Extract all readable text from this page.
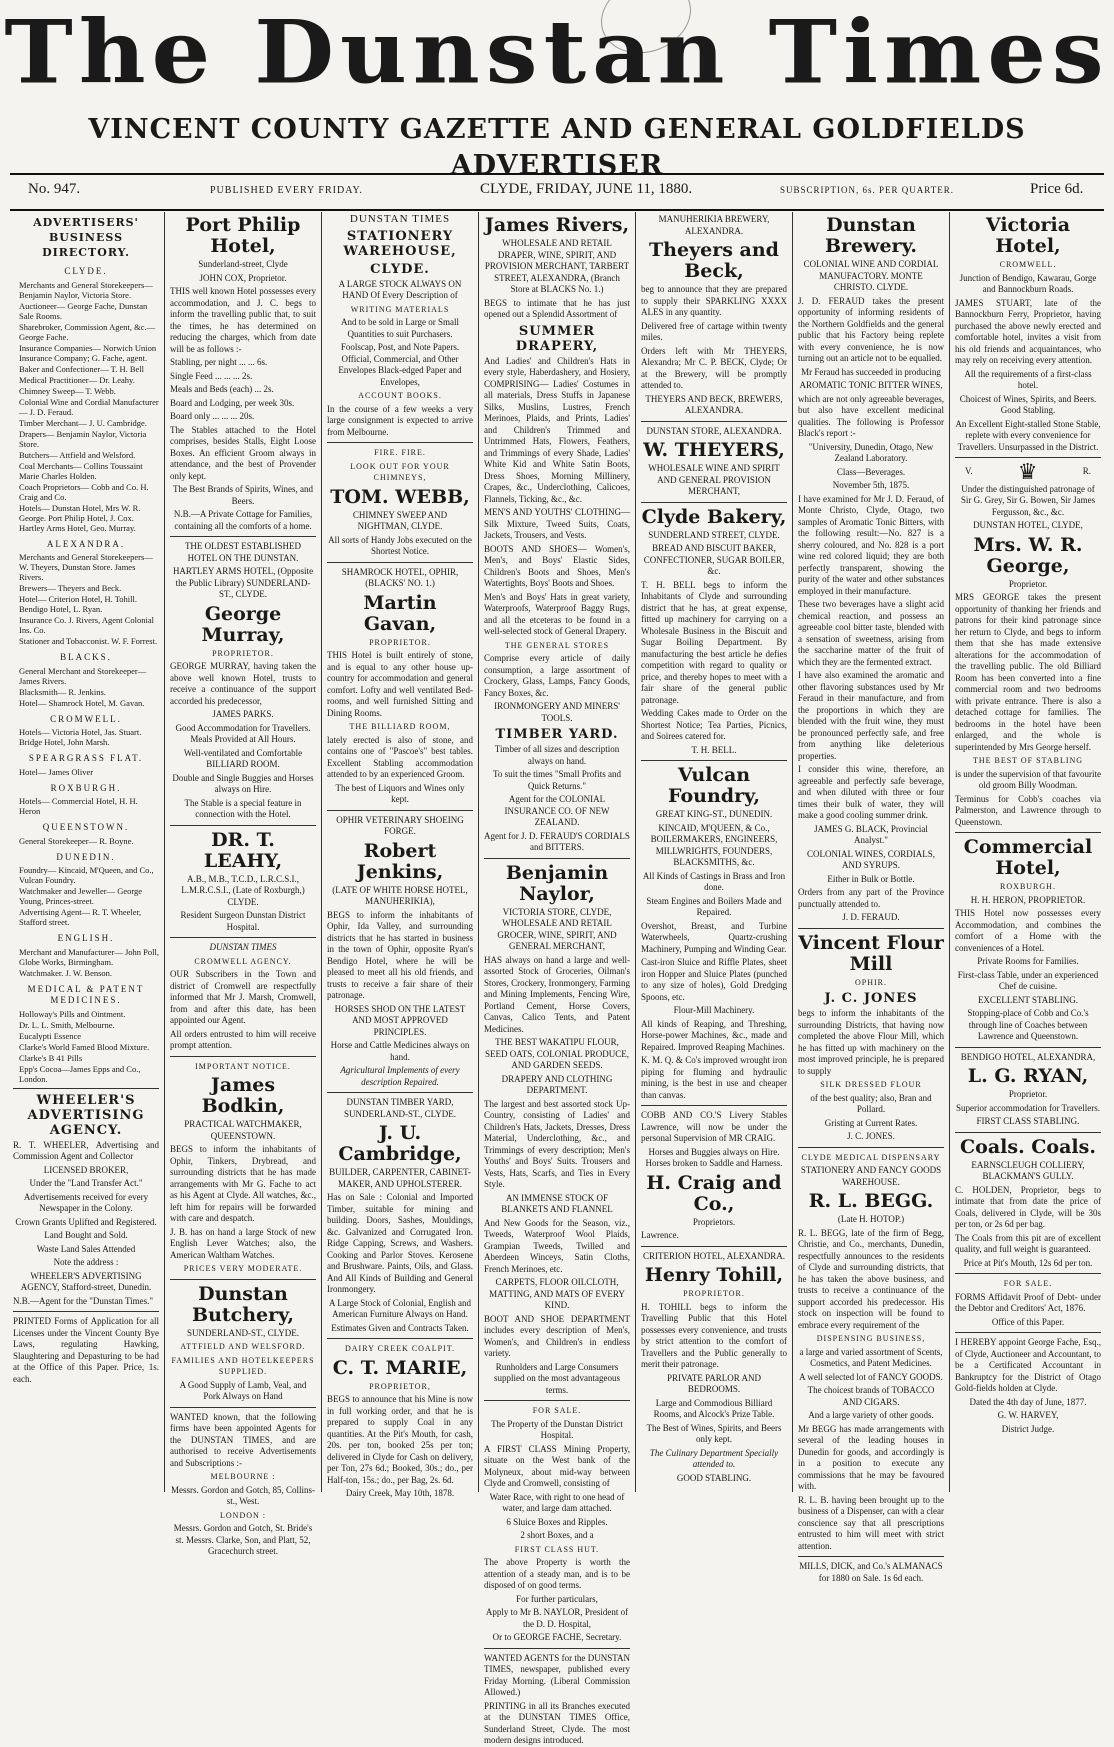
The Dunstan Times
VINCENT COUNTY GAZETTE AND GENERAL GOLDFIELDS ADVERTISER
No. 947.	PUBLISHED EVERY FRIDAY.	CLYDE, FRIDAY, JUNE 11, 1880.	SUBSCRIPTION, 6s. PER QUARTER.	Price 6d.
ADVERTISERS' BUSINESS DIRECTORY.
CLYDE.
Merchants and General Storekeepers— Benjamin Naylor, Victoria Store.
Auctioneer— George Fache, Dunstan Sale Rooms.
Sharebroker, Commission Agent, &c.— George Fache.
Insurance Companies— Norwich Union Insurance Company; G. Fache, agent.
Baker and Confectioner— T. H. Bell
Medical Practitioner— Dr. Leahy.
Chimney Sweep— T. Webb.
Colonial Wine and Cordial Manufacturer— J. D. Feraud.
Timber Merchant— J. U. Cambridge.
Drapers— Benjamin Naylor, Victoria Store.
Butchers— Attfield and Welsford.
Coal Merchants— Collins Toussaint Marie Charles Holden.
Coach Proprietors— Cobb and Co. H. Craig and Co.
Hotels— Dunstan Hotel, Mrs W. R. George. Port Philip Hotel, J. Cox. Hartley Arms Hotel, Geo. Murray.
ALEXANDRA.
Merchants and General Storekeepers— W. Theyers, Dunstan Store. James Rivers.
Brewers— Theyers and Beck.
Hotel— Criterion Hotel, H. Tohill. Bendigo Hotel, L. Ryan.
Insurance Co. J. Rivers, Agent Colonial Ins. Co.
Stationer and Tobacconist. W. F. Forrest.
BLACKS.
General Merchant and Storekeeper— James Rivers.
Blacksmith— R. Jenkins.
Hotel— Shamrock Hotel, M. Gavan.
CROMWELL.
Hotels— Victoria Hotel, Jas. Stuart. Bridge Hotel, John Marsh.
SPEARGRASS FLAT.
Hotel— James Oliver
ROXBURGH.
Hotels— Commercial Hotel, H. H. Heron
QUEENSTOWN.
General Storekeeper— R. Boyne.
DUNEDIN.
Foundry— Kincaid, M'Queen, and Co., Vulcan Foundry.
Watchmaker and Jeweller— George Young, Princes-street.
Advertising Agent— R. T. Wheeler, Stafford street.
ENGLISH.
Merchant and Manufacturer— John Poll, Globe Works, Birmingham.
Watchmaker. J. W. Benson.
MEDICAL & PATENT MEDICINES.
Holloway's Pills and Ointment.
Dr. L. L. Smith, Melbourne.
Eucalypti Essence
Clarke's World Famed Blood Mixture.
Clarke's B 41 Pills
Epp's Cocoa—James Epps and Co., London.
WHEELER'S ADVERTISING AGENCY.

R. T. WHEELER, Advertising and Commission Agent and Collector

LICENSED BROKER,

Under the "Land Transfer Act."

Advertisements received for every Newspaper in the Colony.

Crown Grants Uplifted and Registered.

Land Bought and Sold.

Waste Land Sales Attended

Note the address :

WHEELER'S ADVERTISING AGENCY, Stafford-street, Dunedin.

N.B.—Agent for the "Dunstan Times."

PRINTED Forms of Application for all Licenses under the Vincent County Bye Laws, regulating Hawking, Slaughtering and Depasturing to be had at the Office of this Paper. Price, 1s. each.

Port Philip Hotel,

Sunderland-street, Clyde

JOHN COX, Proprietor.

THIS well known Hotel possesses every accommodation, and J. C. begs to inform the travelling public that, to suit the times, he has determined on reducing the charges, which from date will be as follows :-

Stabling, per night ... ... 6s.

Single Feed ... ... ... 2s.

Meals and Beds (each) ... 2s.

Board and Lodging, per week 30s.

Board only ... ... ... 20s.

The Stables attached to the Hotel comprises, besides Stalls, Eight Loose Boxes. An efficient Groom always in attendance, and the best of Provender only kept.

The Best Brands of Spirits, Wines, and Beers.

N.B.—A Private Cottage for Families, containing all the comforts of a home.

THE OLDEST ESTABLISHED HOTEL ON THE DUNSTAN.

HARTLEY ARMS HOTEL, (Opposite the Public Library) SUNDERLAND-ST., CLYDE.

George Murray,

PROPRIETOR.

GEORGE MURRAY, having taken the above well known Hotel, trusts to receive a continuance of the support accorded his predecessor,

JAMES PARKS.

Good Accommodation for Travellers. Meals Provided at All Hours.

Well-ventilated and Comfortable BILLIARD ROOM.

Double and Single Buggies and Horses always on Hire.

The Stable is a special feature in connection with the Hotel.

DR. T. LEAHY,

A.B., M.B., T.C.D., L.R.C.S.I., L.M.R.C.S.I., (Late of Roxburgh,) CLYDE.

Resident Surgeon Dunstan District Hospital.

DUNSTAN TIMES

CROMWELL AGENCY.

OUR Subscribers in the Town and district of Cromwell are respectfully informed that Mr J. Marsh, Cromwell, from and after this date, has been appointed our Agent.

All orders entrusted to him will receive prompt attention.

IMPORTANT NOTICE.

James Bodkin,

PRACTICAL WATCHMAKER, QUEENSTOWN.

BEGS to inform the inhabitants of Ophir, Tinkers, Drybread, and surrounding districts that he has made arrangements with Mr G. Fache to act as his Agent at Clyde. All watches, &c., left him for repairs will be forwarded with care and despatch.

J. B. has on hand a large Stock of new English Lever Watches; also, the American Waltham Watches.

PRICES VERY MODERATE.

Dunstan Butchery,

SUNDERLAND-ST., CLYDE.

ATTFIELD AND WELSFORD.

FAMILIES AND HOTELKEEPERS SUPPLIED.

A Good Supply of Lamb, Veal, and Pork Always on Hand

WANTED known, that the following firms have been appointed Agents for the DUNSTAN TIMES, and are authorised to receive Advertisements and Subscriptions :-

MELBOURNE :

Messrs. Gordon and Gotch, 85, Collins-st., West.

LONDON :

Messrs. Gordon and Gotch, St. Bride's st. Messrs. Clarke, Son, and Platt, 52, Gracechurch street.

DUNSTAN TIMES

STATIONERY WAREHOUSE,
CLYDE.

A LARGE STOCK ALWAYS ON HAND Of Every Description of

WRITING MATERIALS

And to be sold in Large or Small Quantities to suit Purchasers.

Foolscap, Post, and Note Papers. Official, Commercial, and Other Envelopes Black-edged Paper and Envelopes,

ACCOUNT BOOKS.

In the course of a few weeks a very large consignment is expected to arrive from Melbourne.

FIRE. FIRE.

LOOK OUT FOR YOUR CHIMNEYS,

TOM. WEBB,

CHIMNEY SWEEP AND NIGHTMAN, CLYDE.

All sorts of Handy Jobs executed on the Shortest Notice.

SHAMROCK HOTEL, OPHIR, (BLACKS' NO. 1.)

Martin Gavan,

PROPRIETOR.

THIS Hotel is built entirely of stone, and is equal to any other house up-country for accommodation and general comfort. Lofty and well ventilated Bed-rooms, and well furnished Sitting and Dining Rooms.

THE BILLIARD ROOM,

lately erected is also of stone, and contains one of "Pascoe's" best tables. Excellent Stabling accommodation attended to by an experienced Groom.

The best of Liquors and Wines only kept.

OPHIR VETERINARY SHOEING FORGE.

Robert Jenkins,

(LATE OF WHITE HORSE HOTEL, MANUHERIKIA),

BEGS to inform the inhabitants of Ophir, Ida Valley, and surrounding districts that he has started in business in the town of Ophir, opposite Ryan's Bendigo Hotel, where he will be pleased to meet all his old friends, and trusts to receive a fair share of their patronage.

HORSES SHOD ON THE LATEST AND MOST APPROVED PRINCIPLES.

Horse and Cattle Medicines always on hand.

Agricultural Implements of every description Repaired.

DUNSTAN TIMBER YARD, SUNDERLAND-ST., CLYDE.

J. U. Cambridge,

BUILDER, CARPENTER, CABINET-MAKER, AND UPHOLSTERER.

Has on Sale : Colonial and Imported Timber, suitable for mining and building. Doors, Sashes, Mouldings, &c. Galvanized and Corrugated Iron. Ridge Capping, Screws, and Washers. Cooking and Parlor Stoves. Kerosene and Brushware. Paints, Oils, and Glass. And All Kinds of Building and General Ironmongery.

A Large Stock of Colonial, English and American Furniture Always on Hand.

Estimates Given and Contracts Taken.

DAIRY CREEK COALPIT.

C. T. MARIE,

PROPRIETOR,

BEGS to announce that his Mine is now in full working order, and that he is prepared to supply Coal in any quantities. At the Pit's Mouth, for cash, 20s. per ton, booked 25s per ton; delivered in Clyde for Cash on delivery, per Ton, 27s 6d.; Booked, 30s.; do., per Half-ton, 15s.; do., per Bag, 2s. 6d.

Dairy Creek, May 10th, 1878.

James Rivers,

WHOLESALE AND RETAIL DRAPER, WINE, SPIRIT, AND PROVISION MERCHANT, TARBERT STREET, ALEXANDRA, (Branch Store at BLACKS No. 1.)

BEGS to intimate that he has just opened out a Splendid Assortment of

SUMMER DRAPERY,

And Ladies' and Children's Hats in every style, Haberdashery, and Hosiery, COMPRISING— Ladies' Costumes in all materials, Dress Stuffs in Japanese Silks, Muslins, Lustres, French Merinoes, Plaids, and Prints, Ladies' and Children's Trimmed and Untrimmed Hats, Flowers, Feathers, and Trimmings of every Shade, Ladies' White Kid and White Satin Boots, Dress Shoes, Morning Millinery, Crapes, &c., Underclothing, Calicoes, Flannels, Ticking, &c., &c.

MEN'S AND YOUTHS' CLOTHING— Silk Mixture, Tweed Suits, Coats, Jackets, Trousers, and Vests.

BOOTS AND SHOES— Women's, Men's, and Boys' Elastic Sides, Children's Boots and Shoes, Men's Watertights, Boys' Boots and Shoes.

Men's and Boys' Hats in great variety, Waterproofs, Waterproof Baggy Rugs, and all the etceteras to be found in a well-selected stock of General Drapery.

THE GENERAL STORES

Comprise every article of daily consumption, a large assortment of Crockery, Glass, Lamps, Fancy Goods, Fancy Boxes, &c.

IRONMONGERY AND MINERS' TOOLS.

TIMBER YARD.

Timber of all sizes and description always on hand.

To suit the times "Small Profits and Quick Returns."

Agent for the COLONIAL INSURANCE CO. OF NEW ZEALAND.

Agent for J. D. FERAUD'S CORDIALS and BITTERS.

Benjamin Naylor,

VICTORIA STORE, CLYDE, WHOLESALE AND RETAIL GROCER, WINE, SPIRIT, AND GENERAL MERCHANT,

HAS always on hand a large and well-assorted Stock of Groceries, Oilman's Stores, Crockery, Ironmongery, Farming and Mining Implements, Fencing Wire, Portland Cement, Horse Covers, Canvas, Calico Tents, and Patent Medicines.

THE BEST WAKATIPU FLOUR, SEED OATS, COLONIAL PRODUCE, AND GARDEN SEEDS.

DRAPERY AND CLOTHING DEPARTMENT.

The largest and best assorted stock Up-Country, consisting of Ladies' and Children's Hats, Jackets, Dresses, Dress Material, Underclothing, &c., and Trimmings of every description; Men's Youths' and Boys' Suits. Trousers and Vests, Hats, Scarfs, and Ties in Every Style.

AN IMMENSE STOCK OF BLANKETS AND FLANNEL

And New Goods for the Season, viz., Tweeds, Waterproof Wool Plaids, Grampian Tweeds, Twilled and Aberdeen Winceys, Satin Cloths, French Merinoes, etc.

CARPETS, FLOOR OILCLOTH, MATTING, AND MATS OF EVERY KIND.

BOOT AND SHOE DEPARTMENT includes every description of Men's, Women's, and Children's in endless variety.

Runholders and Large Consumers supplied on the most advantageous terms.

FOR SALE.

The Property of the Dunstan District Hospital.

A FIRST CLASS Mining Property, situate on the West bank of the Molyneux, about mid-way between Clyde and Cromwell, consisting of

Water Race, with right to one head of water, and large dam attached.

6 Sluice Boxes and Ripples.

2 short Boxes, and a

FIRST CLASS HUT.

The above Property is worth the attention of a steady man, and is to be disposed of on good terms.

For further particulars,

Apply to Mr B. NAYLOR, President of the D. D. Hospital,

Or to GEORGE FACHE, Secretary.

WANTED AGENTS for the DUNSTAN TIMES, newspaper, published every Friday Morning. (Liberal Commission Allowed.)

PRINTING in all its Branches executed at the DUNSTAN TIMES Office, Sunderland Street, Clyde. The most modern designs introduced.

MANUHERIKIA BREWERY, ALEXANDRA.

Theyers and Beck,

beg to announce that they are prepared to supply their SPARKLING XXXX ALES in any quantity.

Delivered free of cartage within twenty miles.

Orders left with Mr THEYERS, Alexandra; Mr C. P. BECK, Clyde; Or at the Brewery, will be promptly attended to.

THEYERS AND BECK, BREWERS, ALEXANDRA.

DUNSTAN STORE, ALEXANDRA.

W. THEYERS,

WHOLESALE WINE AND SPIRIT AND GENERAL PROVISION MERCHANT,

Clyde Bakery,

SUNDERLAND STREET, CLYDE.

BREAD AND BISCUIT BAKER, CONFECTIONER, SUGAR BOILER, &c.

T. H. BELL begs to inform the Inhabitants of Clyde and surrounding district that he has, at great expense, fitted up machinery for carrying on a Wholesale Business in the Biscuit and Sugar Boiling Department. By manufacturing the best article he defies competition with regard to quality or price, and thereby hopes to meet with a fair share of the general public patronage.

Wedding Cakes made to Order on the Shortest Notice; Tea Parties, Picnics, and Soirees catered for.

T. H. BELL.

Vulcan Foundry,

GREAT KING-ST., DUNEDIN.

KINCAID, M'QUEEN, & Co., BOILERMAKERS, ENGINEERS, MILLWRIGHTS, FOUNDERS, BLACKSMITHS, &c.

All Kinds of Castings in Brass and Iron done.

Steam Engines and Boilers Made and Repaired.

Overshot, Breast, and Turbine Waterwheels, Quartz-crushing Machinery, Pumping and Winding Gear.

Cast-iron Sluice and Riffle Plates, sheet iron Hopper and Sluice Plates (punched to any size of holes), Gold Dredging Spoons, etc.

Flour-Mill Machinery.

All kinds of Reaping, and Threshing, Horse-power Machines, &c., made and Repaired. Improved Reaping Machines.

K. M. Q. & Co's improved wrought iron piping for fluming and hydraulic mining, is the best in use and cheaper than canvas.

COBB AND CO.'S Livery Stables Lawrence, will now be under the personal Supervision of MR CRAIG.

Horses and Buggies always on Hire. Horses broken to Saddle and Harness.

H. Craig and Co.,

Proprietors.

Lawrence.

CRITERION HOTEL, ALEXANDRA.

Henry Tohill,

PROPRIETOR.

H. TOHILL begs to inform the Travelling Public that this Hotel possesses every convenience, and trusts by strict attention to the comfort of Travellers and the Public generally to merit their patronage.

PRIVATE PARLOR AND BEDROOMS.

Large and Commodious Billiard Rooms, and Alcock's Prize Table.

The Best of Wines, Spirits, and Beers only kept.

The Culinary Department Specially attended to.

GOOD STABLING.

Dunstan Brewery.

COLONIAL WINE AND CORDIAL MANUFACTORY. MONTE CHRISTO. CLYDE.

J. D. FERAUD takes the present opportunity of informing residents of the Northern Goldfields and the general public that his Factory being replete with every convenience, he is now turning out an article not to be equalled.

Mr Feraud has succeeded in producing

AROMATIC TONIC BITTER WINES,

which are not only agreeable beverages, but also have excellent medicinal qualities. The following is Professor Black's report :-

"University, Dunedin, Otago, New Zealand Laboratory.

Class—Beverages.

November 5th, 1875.

I have examined for Mr J. D. Feraud, of Monte Christo, Clyde, Otago, two samples of Aromatic Tonic Bitters, with the following result:—No. 827 is a sherry coloured, and No. 828 is a port wine red colored liquid; they are both perfectly transparent, showing the purity of the water and other substances employed in their manufacture.

These two beverages have a slight acid chemical reaction, and possess an agreeable cool bitter taste, blended with a sensation of sweetness, arising from the saccharine matter of the fruit of which they are the fermented extract.

I have also examined the aromatic and other flavoring substances used by Mr Feraud in their manufacture, and from the proportions in which they are blended with the fruit wine, they must be pronounced perfectly safe, and free from anything like deleterious properties.

I consider this wine, therefore, an agreeable and perfectly safe beverage, and when diluted with three or four times their bulk of water, they will make a good cooling summer drink.

JAMES G. BLACK, Provincial Analyst."

COLONIAL WINES, CORDIALS, AND SYRUPS.

Either in Bulk or Bottle.

Orders from any part of the Province punctually attended to.

J. D. FERAUD.

Vincent Flour Mill

OPHIR.

J. C. JONES

begs to inform the inhabitants of the surrounding Districts, that having now completed the above Flour Mill, which he has fitted up with machinery on the most improved principle, he is prepared to supply

SILK DRESSED FLOUR

of the best quality; also, Bran and Pollard.

Gristing at Current Rates.

J. C. JONES.

CLYDE MEDICAL DISPENSARY

STATIONERY AND FANCY GOODS WAREHOUSE.

R. L. BEGG.

(Late H. HOTOP.)

R. L. BEGG, late of the firm of Begg, Christie, and Co., merchants, Dunedin, respectfully announces to the residents of Clyde and surrounding districts, that he has taken the above business, and trusts to receive a continuance of the support accorded his predecessor. His stock on inspection will be found to embrace every requirement of the

DISPENSING BUSINESS,

a large and varied assortment of Scents, Cosmetics, and Patent Medicines.

A well selected lot of FANCY GOODS.

The choicest brands of TOBACCO AND CIGARS.

And a large variety of other goods.

Mr BEGG has made arrangements with several of the leading houses in Dunedin for goods, and accordingly is in a position to execute any commissions that he may be favoured with.

R. L. B. having been brought up to the business of a Dispenser, can with a clear conscience say that all prescriptions entrusted to him will meet with strict attention.

MILLS, DICK, and Co.'s ALMANACS for 1880 on Sale. 1s 6d each.

Victoria Hotel,

CROMWELL.

Junction of Bendigo, Kawarau, Gorge and Bannockburn Roads.

JAMES STUART, late of the Bannockburn Ferry, Proprietor, having purchased the above newly erected and comfortable hotel, invites a visit from his old friends and acquaintances, who may rely on receiving every attention.

All the requirements of a first-class hotel.

Choicest of Wines, Spirits, and Beers. Good Stabling.

An Excellent Eight-stalled Stone Stable, replete with every convenience for Travellers. Unsurpassed in the District.

V. ♛	R.

Under the distinguished patronage of Sir G. Grey, Sir G. Bowen, Sir James Fergusson, &c., &c.

DUNSTAN HOTEL, CLYDE,

Mrs. W. R. George,

Proprietor.

MRS GEORGE takes the present opportunity of thanking her friends and patrons for their kind patronage since her return to Clyde, and begs to inform them that she has made extensive alterations for the accommodation of the travelling public. The old Billiard Room has been converted into a fine commercial room and two bedrooms with private entrance. There is also a detached cottage for families. The bedrooms in the hotel have been enlarged, and the whole is superintended by Mrs George herself.

THE BEST OF STABLING

is under the supervision of that favourite old groom Billy Woodman.

Terminus for Cobb's coaches via Palmerston, and Lawrence through to Queenstown.

Commercial Hotel,

ROXBURGH.

H. H. HERON, PROPRIETOR.

THIS Hotel now possesses every Accommodation, and combines the comfort of a Home with the conveniences of a Hotel.

Private Rooms for Families.

First-class Table, under an experienced Chef de cuisine.

EXCELLENT STABLING.

Stopping-place of Cobb and Co.'s through line of Coaches between Lawrence and Queenstown.

BENDIGO HOTEL, ALEXANDRA,

L. G. RYAN,

Proprietor.

Superior accommodation for Travellers.

FIRST CLASS STABLING.

Coals. Coals.

EARNSCLEUGH COLLIERY, BLACKMAN'S GULLY.

C. HOLDEN, Proprietor, begs to intimate that from date the price of Coals, delivered in Clyde, will be 30s per ton, or 2s 6d per bag.

The Coals from this pit are of excellent quality, and full weight is guaranteed.

Price at Pit's Mouth, 12s 6d per ton.

FOR SALE.

FORMS Affidavit Proof of Debt- under the Debtor and Creditors' Act, 1876.

Office of this Paper.

I HEREBY appoint George Fache, Esq., of Clyde, Auctioneer and Accountant, to be a Certificated Accountant in Bankruptcy for the District of Otago Gold-fields holden at Clyde.

Dated the 4th day of June, 1877.

G. W. HARVEY,

District Judge.
